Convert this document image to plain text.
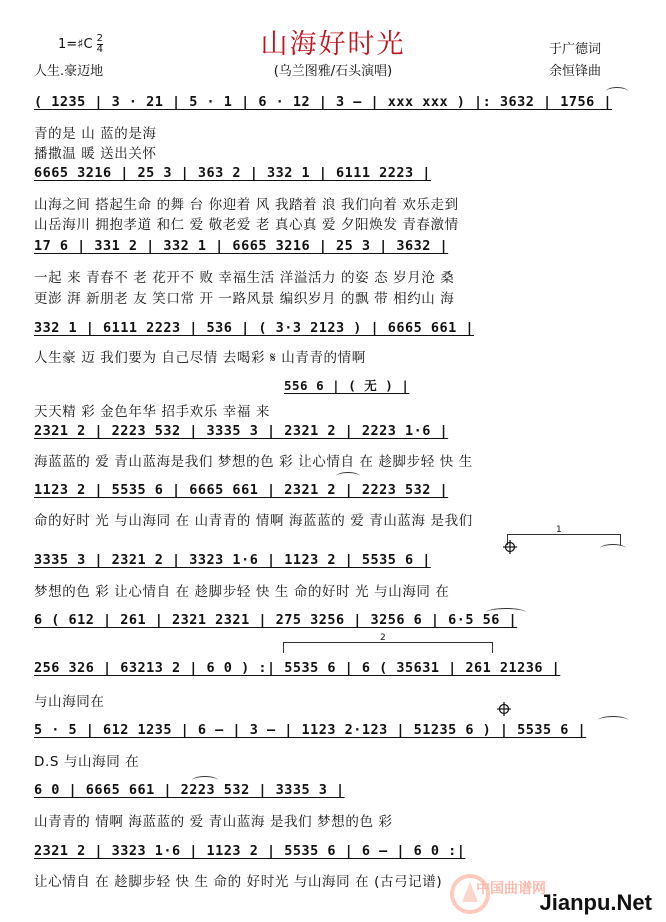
1=♯C $\frac{2}{4}$
人生.豪迈地
山海好时光
(乌兰图雅/石头演唱)
于广德词
余恒锋曲
( 1235 | 3 · 21 | 5 · 1 | 6 · 12 | 3 – | xxx xxx ) |: 3632 | 1756 |
青的是 山 蓝的是海
播撒温 暖 送出关怀
6665 3216 | 25 3 | 363 2 | 332 1 | 6111 2223 |
山海之间 搭起生命 的舞 台 你迎着 风 我踏着 浪 我们向着 欢乐走到
山岳海川 拥抱孝道 和仁 爱 敬老爱 老 真心真 爱 夕阳焕发 青春激情
17 6 | 331 2 | 332 1 | 6665 3216 | 25 3 | 3632 |
一起 来 青春不 老 花开不 败 幸福生活 洋溢活力 的姿 态 岁月沧 桑
更澎 湃 新朋老 友 笑口常 开 一路风景 编织岁月 的飘 带 相约山 海
332 1 | 6111 2223 | 536 | ( 3·3 2123 ) | 6665 661 |
人生豪 迈 我们要为 自己尽情 去喝彩 𝄋 山青青的情啊
556 6 | ( 无 ) |
天天精 彩 金色年华 招手欢乐 幸福 来
2321 2 | 2223 532 | 3335 3 | 2321 2 | 2223 1·6 |
海蓝蓝的 爱 青山蓝海是我们 梦想的色 彩 让心情自 在 趁脚步轻 快 生
1123 2 | 5535 6 | 6665 661 | 2321 2 | 2223 532 |
命的好时 光 与山海同 在 山青青的 情啊 海蓝蓝的 爱 青山蓝海 是我们
1
3335 3 | 2321 2 | 3323 1·6 | 1123 2 | 5535 6 |
梦想的色 彩 让心情自 在 趁脚步轻 快 生 命的好时 光 与山海同 在
6 ( 612 | 261 | 2321 2321 | 275 3256 | 3256 6 | 6·5 56 |
2
256 326 | 63213 2 | 6 0 ) :| 5535 6 | 6 ( 35631 | 261 21236 |
与山海同在
5 · 5 | 612 1235 | 6 – | 3 – | 1123 2·123 | 51235 6 ) | 5535 6 |
D.S 与山海同 在
6 0 | 6665 661 | 2223 532 | 3335 3 |
山青青的 情啊 海蓝蓝的 爱 青山蓝海 是我们 梦想的色 彩
2321 2 | 3323 1·6 | 1123 2 | 5535 6 | 6 – | 6 0 :|
让心情自 在 趁脚步轻 快 生 命的 好时光 与山海同 在 (古弓记谱)	中国曲谱网
Jianpu.Net
